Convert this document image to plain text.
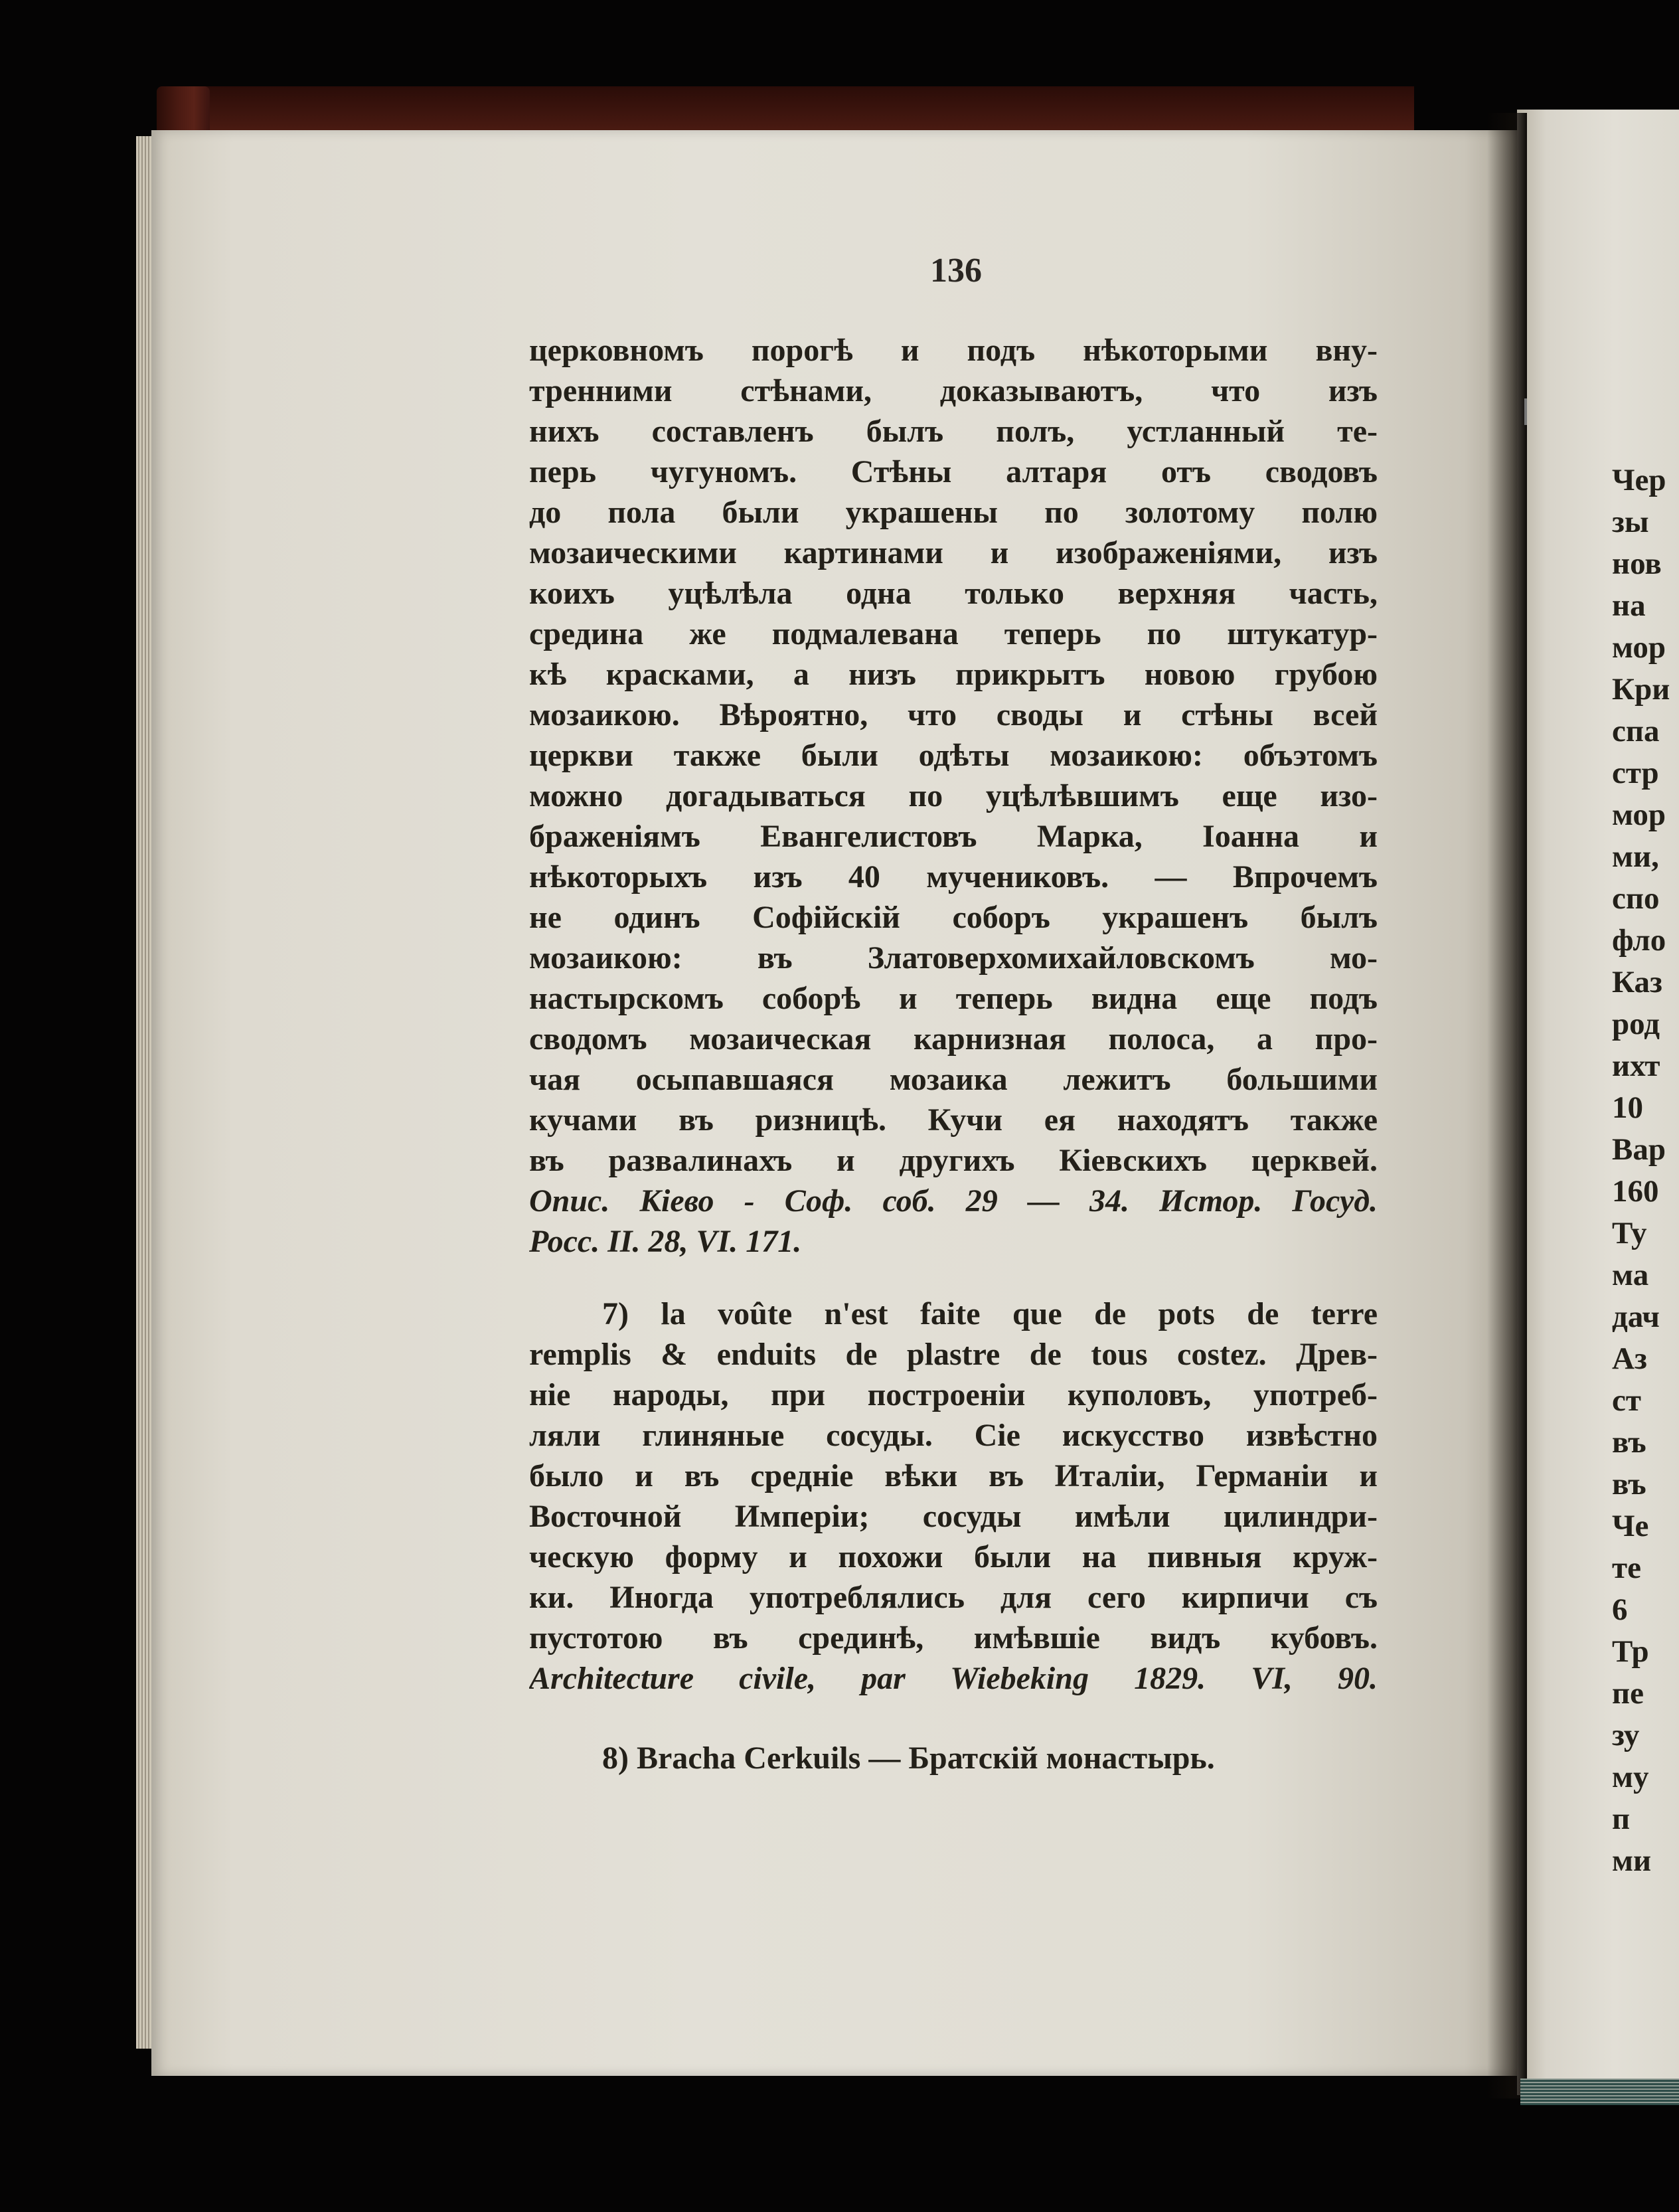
136
церковномъ порогѣ и подъ нѣкоторыми вну-
тренними стѣнами, доказываютъ, что изъ
нихъ составленъ былъ полъ, устланный те-
перь чугуномъ. Стѣны алтаря отъ сводовъ
до пола были украшены по золотому полю
мозаическими картинами и изображеніями, изъ
коихъ уцѣлѣла одна только верхняя часть,
средина же подмалевана теперь по штукатур-
кѣ красками, а низъ прикрытъ новою грубою
мозаикою. Вѣроятно, что своды и стѣны всей
церкви также были одѣты мозаикою: объэтомъ
можно догадываться по уцѣлѣвшимъ еще изо-
браженіямъ Евангелистовъ Марка, Іоанна и
нѣкоторыхъ изъ 40 мучениковъ. — Впрочемъ
не одинъ Софійскій соборъ украшенъ былъ
мозаикою: въ Златоверхомихайловскомъ мо-
настырскомъ соборѣ и теперь видна еще подъ
сводомъ мозаическая карнизная полоса, а про-
чая осыпавшаяся мозаика лежитъ большими
кучами въ ризницѣ. Кучи ея находятъ также
въ развалинахъ и другихъ Кіевскихъ церквей.
Опис. Кіево - Соф. соб. 29 — 34. Истор. Госуд.
Росс. II. 28, VI. 171.
7) la voûte n'est faite que de pots de terre
remplis & enduits de plastre de tous costez. Древ-
ніе народы, при построеніи куполовъ, употреб-
ляли глиняные сосуды. Сіе искусство извѣстно
было и въ средніе вѣки въ Италіи, Германіи и
Восточной Имперіи; сосуды имѣли цилиндри-
ческую форму и похожи были на пивныя круж-
ки. Иногда употреблялись для сего кирпичи съ
пустотою въ срединѣ, имѣвшіе видъ кубовъ.
Architecture civile, par Wiebeking 1829. VI, 90.
8) Bracha Cerkuils — Братскій монастырь.
Чер
зы
нов
на
мор
Кри
спа
стр
мор
ми,
спо
фло
Каз
род
ихт
10
Вар
160
Ту
ма
дач
Аз
ст
въ
въ
Че
те
6
Тр
пе
зу
му
п
ми
